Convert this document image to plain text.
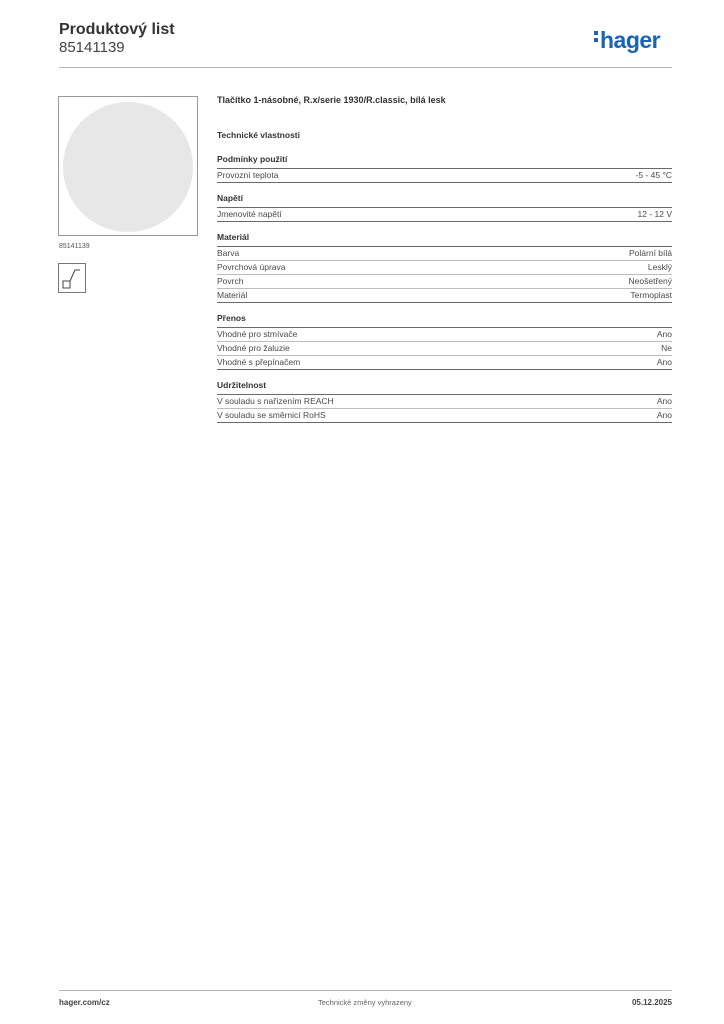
Produktový list
85141139	hager
85141139
Tlačítko 1-násobné, R.x/serie 1930/R.classic, bílá lesk
Technické vlastnosti
Podmínky použití
Provozní teplota	-5 - 45 °C
Napětí
Jmenovité napětí	12 - 12 V
Materiál
Barva	Polární bílá
Povrchová úprava	Lesklý
Povrch	Neošetřený
Materiál	Termoplast
Přenos
Vhodné pro stmívače	Ano
Vhodné pro žaluzie	Ne
Vhodné s přepínačem	Ano
Udržitelnost
V souladu s nařízením REACH	Ano
V souladu se směrnicí RoHS	Ano
hager.com/cz	Technické změny vyhrazeny	05.12.2025
